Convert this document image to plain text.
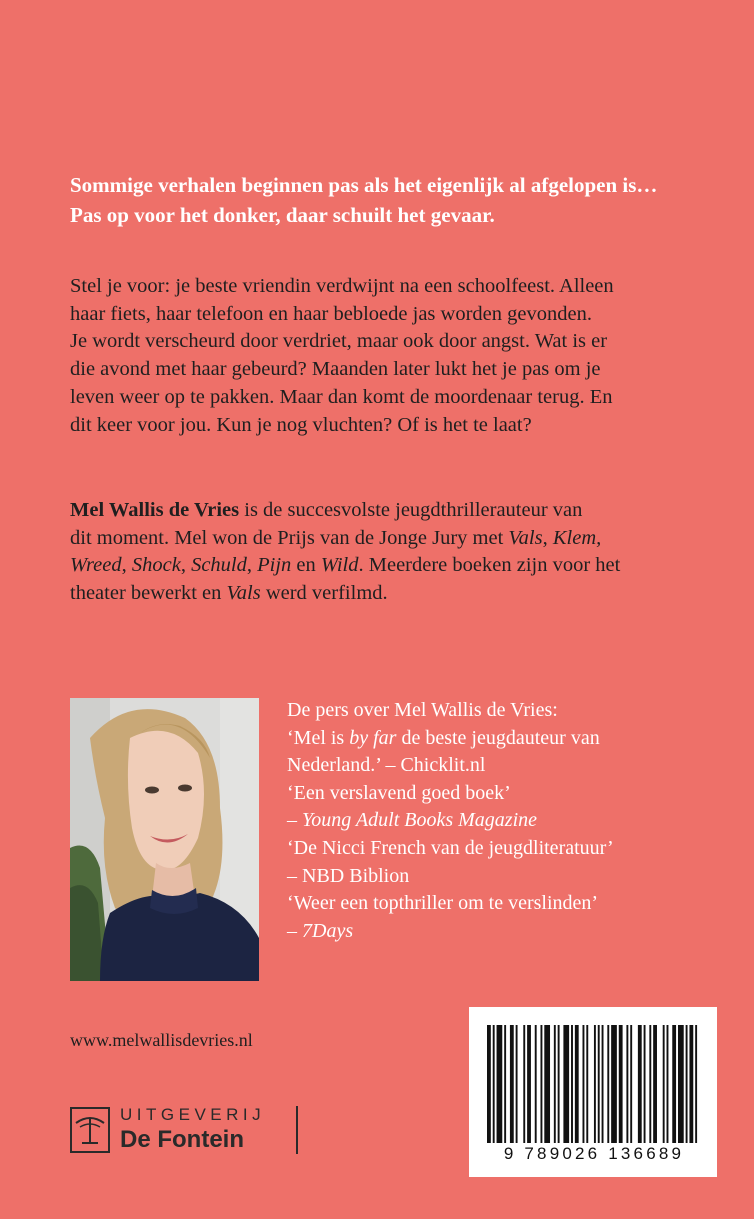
Sommige verhalen beginnen pas als het eigenlijk al afgelopen is…
Pas op voor het donker, daar schuilt het gevaar.
Stel je voor: je beste vriendin verdwijnt na een schoolfeest. Alleen
haar fiets, haar telefoon en haar bebloede jas worden gevonden.
Je wordt verscheurd door verdriet, maar ook door angst. Wat is er
die avond met haar gebeurd? Maanden later lukt het je pas om je
leven weer op te pakken. Maar dan komt de moordenaar terug. En
dit keer voor jou. Kun je nog vluchten? Of is het te laat?
Mel Wallis de Vries is de succesvolste jeugdthrillerauteur van
dit moment. Mel won de Prijs van de Jonge Jury met Vals, Klem,
Wreed, Shock, Schuld, Pijn en Wild. Meerdere boeken zijn voor het
theater bewerkt en Vals werd verfilmd.
De pers over Mel Wallis de Vries:
‘Mel is by far de beste jeugdauteur van
Nederland.’ – Chicklit.nl
‘Een verslavend goed boek’
– Young Adult Books Magazine
‘De Nicci French van de jeugdliteratuur’
– NBD Biblion
‘Weer een topthriller om te verslinden’
– 7Days
www.melwallisdevries.nl
UITGEVERIJ
De Fontein
9 789026 136689
